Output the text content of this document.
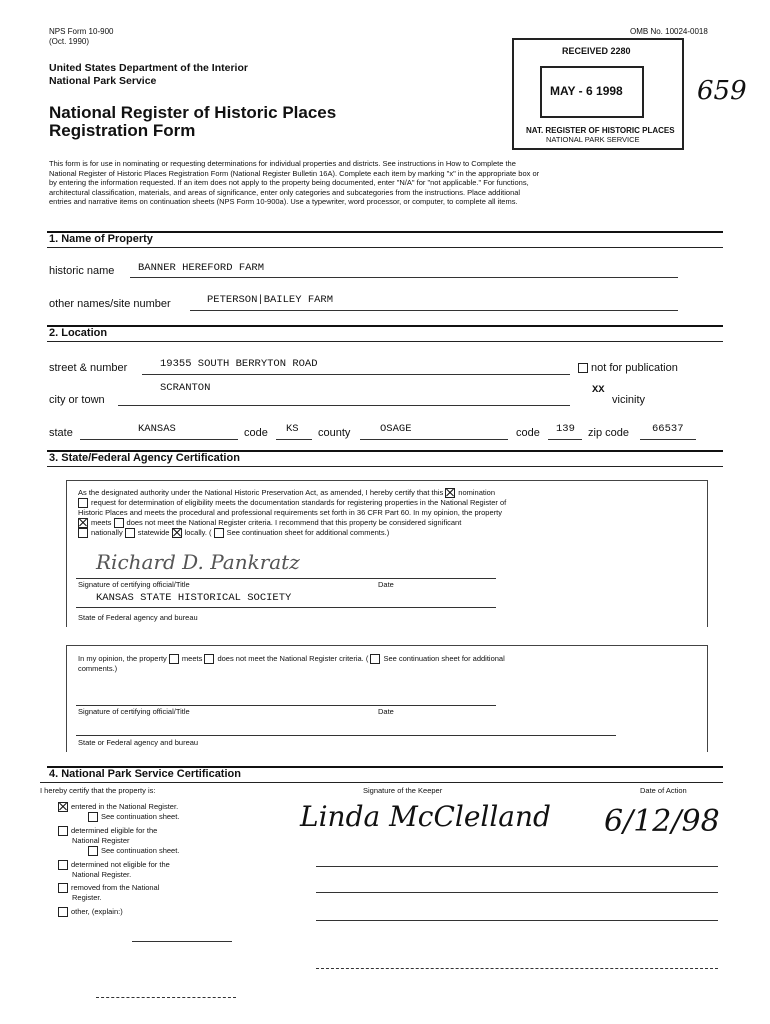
NPS Form 10-900
(Oct. 1990)
OMB No. 10024-0018
United States Department of the Interior
National Park Service
National Register of Historic Places
Registration Form
RECEIVED 2280
MAY - 6 1998
NAT. REGISTER OF HISTORIC PLACES
NATIONAL PARK SERVICE
659
This form is for use in nominating or requesting determinations for individual properties and districts. See instructions in How to Complete the
National Register of Historic Places Registration Form (National Register Bulletin 16A). Complete each item by marking "x" in the appropriate box or
by entering the information requested. If an item does not apply to the property being documented, enter "N/A" for "not applicable." For functions,
architectural classification, materials, and areas of significance, enter only categories and subcategories from the instructions. Place additional
entries and narrative items on continuation sheets (NPS Form 10-900a). Use a typewriter, word processor, or computer, to complete all items.
1. Name of Property
historic name BANNER HEREFORD FARM
other names/site number	PETERSON|BAILEY FARM
2. Location
street & number	19355 SOUTH BERRYTON ROAD	not for publication
SCRANTON
city or town
XX
vicinity
state	KANSAS	code KS county	OSAGE	code 139 zip code 66537
3. State/Federal Agency Certification
As the designated authority under the National Historic Preservation Act, as amended, I hereby certify that this nomination
request for determination of eligibility meets the documentation standards for registering properties in the National Register of
Historic Places and meets the procedural and professional requirements set forth in 36 CFR Part 60. In my opinion, the property
meets does not meet the National Register criteria. I recommend that this property be considered significant
nationally statewide locally. ( See continuation sheet for additional comments.)
Richard D. Pankratz
Signature of certifying official/Title	Date
KANSAS STATE HISTORICAL SOCIETY
State of Federal agency and bureau
In my opinion, the property meets does not meet the National Register criteria. ( See continuation sheet for additional
comments.)
Signature of certifying official/Title	Date
State or Federal agency and bureau
4. National Park Service Certification
I hereby certify that the property is:	Signature of the Keeper	Date of Action
Linda McClelland 6/12/98
entered in the National Register.
See continuation sheet.
determined eligible for the
National Register
See continuation sheet.
determined not eligible for the
National Register.
removed from the National
Register.
other, (explain:)
